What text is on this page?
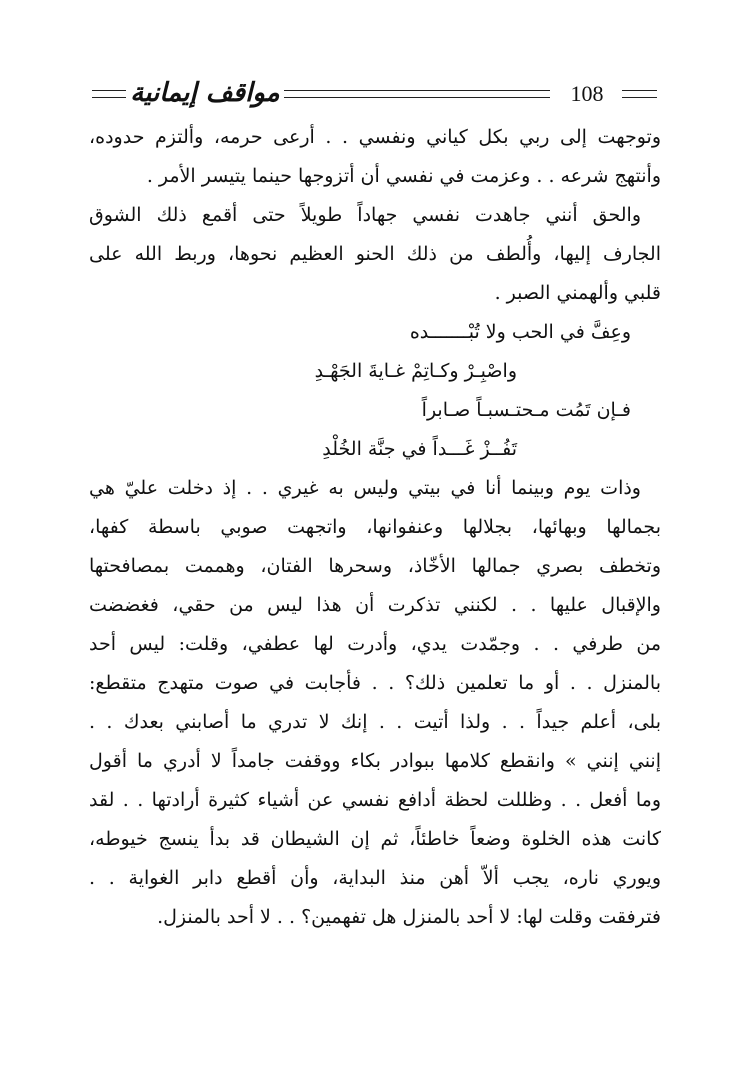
مواقف إيمانية	108
وتوجهت إلى ربي بكل كياني ونفسي . . أرعى حرمه، وألتزم حدوده،
وأنتهج شرعه . . وعزمت في نفسي أن أتزوجها حينما يتيسر الأمر .
والحق أنني جاهدت نفسي جهاداً طويلاً حتى أقمع ذلك الشوق
الجارف إليها، وأُلطف من ذلك الحنو العظيم نحوها، وربط الله على
قلبي وألهمني الصبر .
وعِفَّ في الحب ولا تُبْـــــــده
واصْبِـرْ وكـاتِمْ غـايةَ الجَهْـدِ
فـإن تَمُت مـحتـسبـاً صـابراً
تَفُــزْ غَـــداً في جنَّة الخُلْدِ
وذات يوم وبينما أنا في بيتي وليس به غيري . . إذ دخلت عليّ هي
بجمالها وبهائها، بجلالها وعنفوانها، واتجهت صوبي باسطة كفها،
وتخطف بصري جمالها الأخّاذ، وسحرها الفتان، وهممت بمصافحتها
والإقبال عليها . . لكنني تذكرت أن هذا ليس من حقي، فغضضت
من طرفي . . وجمّدت يدي، وأدرت لها عطفي، وقلت: ليس أحد
بالمنزل . . أو ما تعلمين ذلك؟ . . فأجابت في صوت متهدج متقطع:
بلى، أعلم جيداً . . ولذا أتيت . . إنك لا تدري ما أصابني بعدك . .
إنني إنني » وانقطع كلامها ببوادر بكاء ووقفت جامداً لا أدري ما أقول
وما أفعل . . وظللت لحظة أدافع نفسي عن أشياء كثيرة أرادتها . . لقد
كانت هذه الخلوة وضعاً خاطئاً، ثم إن الشيطان قد بدأ ينسج خيوطه،
ويوري ناره، يجب ألاّ أهن منذ البداية، وأن أقطع دابر الغواية . .
فترفقت وقلت لها: لا أحد بالمنزل هل تفهمين؟ . . لا أحد بالمنزل.
